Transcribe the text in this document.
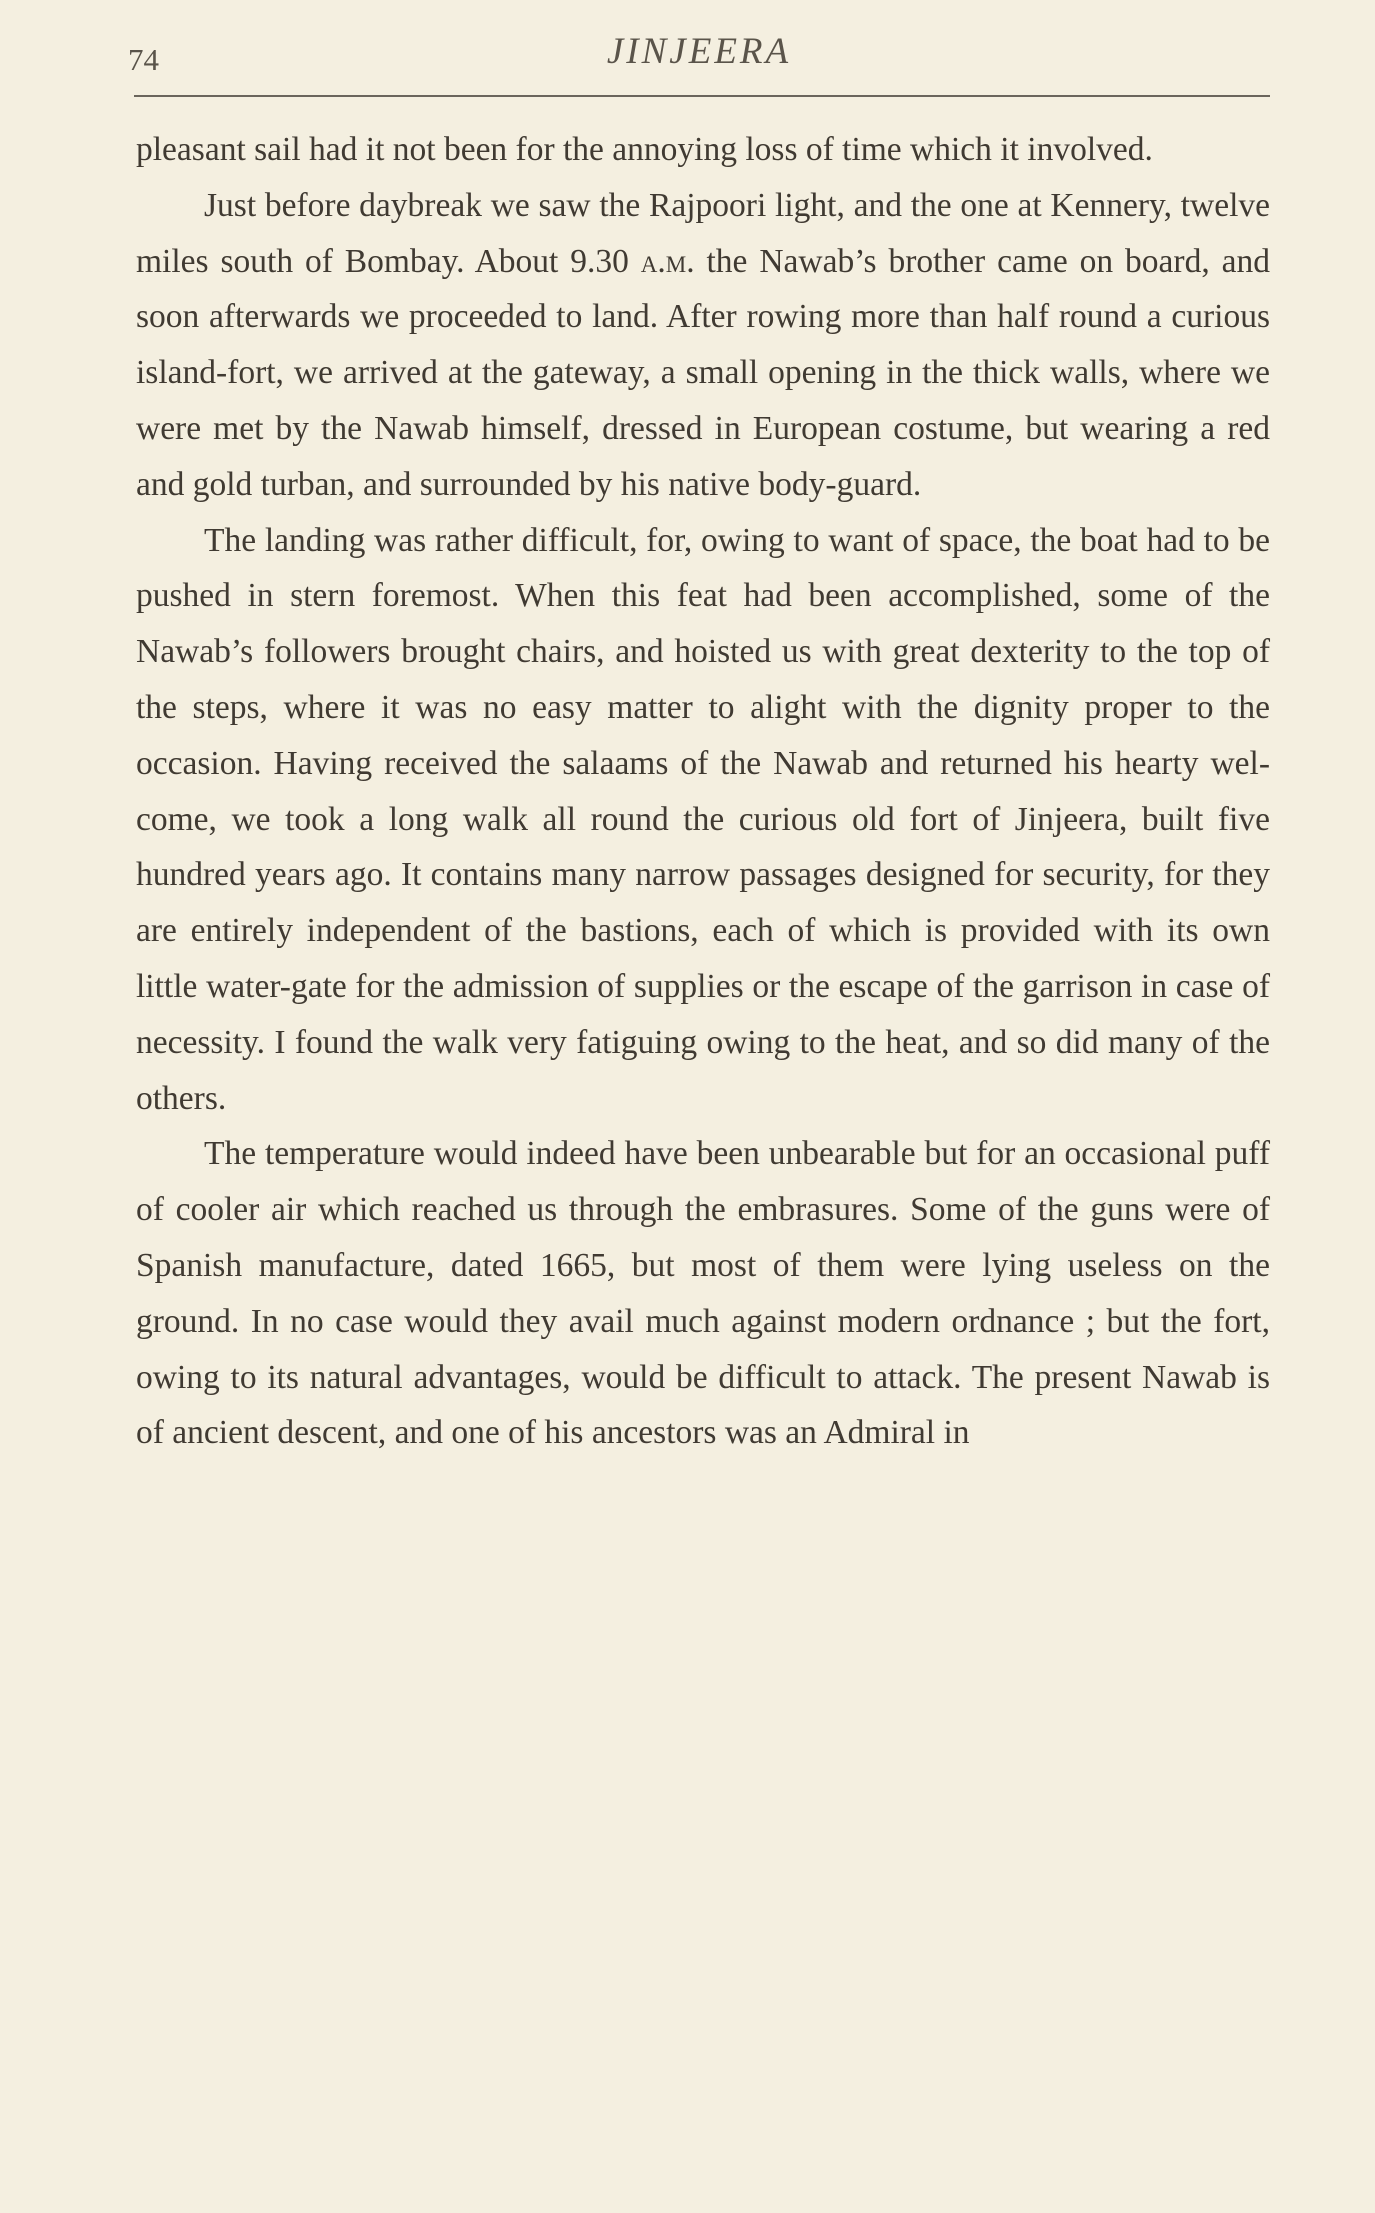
74	JINJEERA

pleasant sail had it not been for the annoying loss of time which it involved.

Just before daybreak we saw the Rajpoori light, and the one at Kennery, twelve miles south of Bombay. About 9.30 a.m. the Nawab’s brother came on board, and soon afterwards we proceeded to land. After rowing more than half round a curious island-fort, we arrived at the gateway, a small opening in the thick walls, where we were met by the Nawab himself, dressed in European costume, but wearing a red and gold turban, and surrounded by his native body-guard.

The landing was rather difficult, for, owing to want of space, the boat had to be pushed in stern foremost. When this feat had been accomplished, some of the Nawab’s followers brought chairs, and hoisted us with great dexterity to the top of the steps, where it was no easy matter to alight with the dignity proper to the occasion. Having received the salaams of the Nawab and returned his hearty welcome, we took a long walk all round the curious old fort of Jinjeera, built five hundred years ago. It contains many narrow passages designed for security, for they are entirely independent of the bastions, each of which is provided with its own little water-gate for the admission of supplies or the escape of the garrison in case of necessity. I found the walk very fatiguing owing to the heat, and so did many of the others.

The temperature would indeed have been unbearable but for an occasional puff of cooler air which reached us through the embrasures. Some of the guns were of Spanish manufacture, dated 1665, but most of them were lying useless on the ground. In no case would they avail much against modern ordnance ; but the fort, owing to its natural advantages, would be difficult to attack. The present Nawab is of ancient descent, and one of his ancestors was an Admiral in
